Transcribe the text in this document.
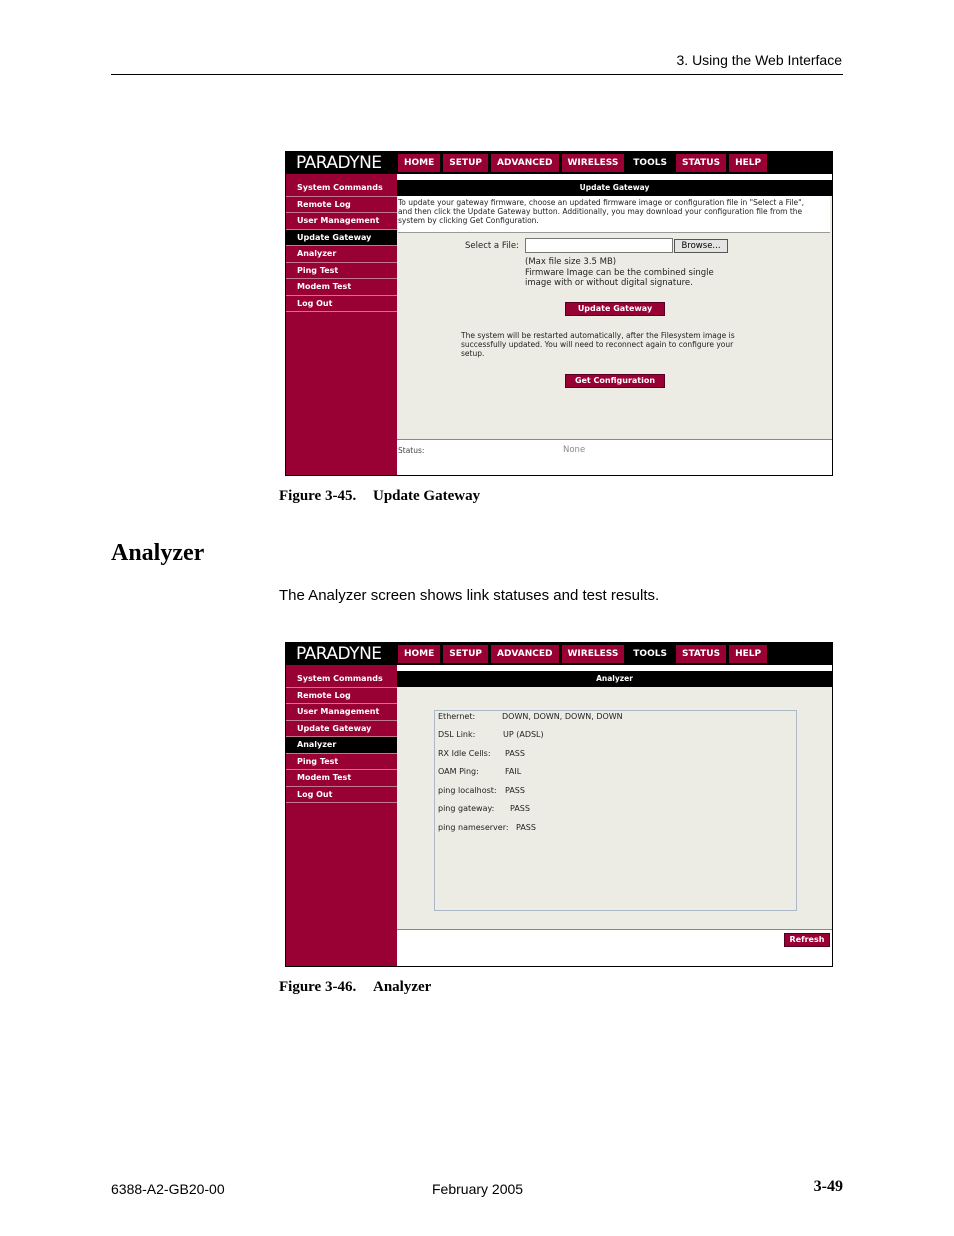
3. Using the Web Interface
PARADYNE	HOME	SETUP	ADVANCED	WIRELESS	TOOLS	STATUS	HELP
System Commands
Remote Log
User Management
Update Gateway
Analyzer
Ping Test
Modem Test
Log Out
Update Gateway
To update your gateway firmware, choose an updated firmware image or configuration file in "Select a File",
and then click the Update Gateway button. Additionally, you may download your configuration file from the
system by clicking Get Configuration.
Select a File:	Browse...
(Max file size 3.5 MB)
Firmware Image can be the combined single
image with or without digital signature.
Update Gateway
The system will be restarted automatically, after the Filesystem image is
successfully updated. You will need to reconnect again to configure your
setup.
Get Configuration
Status:	None
Figure 3-45. Update Gateway
Analyzer
The Analyzer screen shows link statuses and test results.
PARADYNE	HOME	SETUP	ADVANCED	WIRELESS	TOOLS	STATUS	HELP
System Commands
Remote Log
User Management
Update Gateway
Analyzer
Ping Test
Modem Test
Log Out
Analyzer
Ethernet:	DOWN, DOWN, DOWN, DOWN
DSL Link:	UP (ADSL)
RX Idle Cells: PASS
OAM Ping:	FAIL
ping localhost: PASS
ping gateway: PASS
ping nameserver: PASS
Refresh
Figure 3-46. Analyzer
6388-A2-GB20-00	February 2005	3-49
